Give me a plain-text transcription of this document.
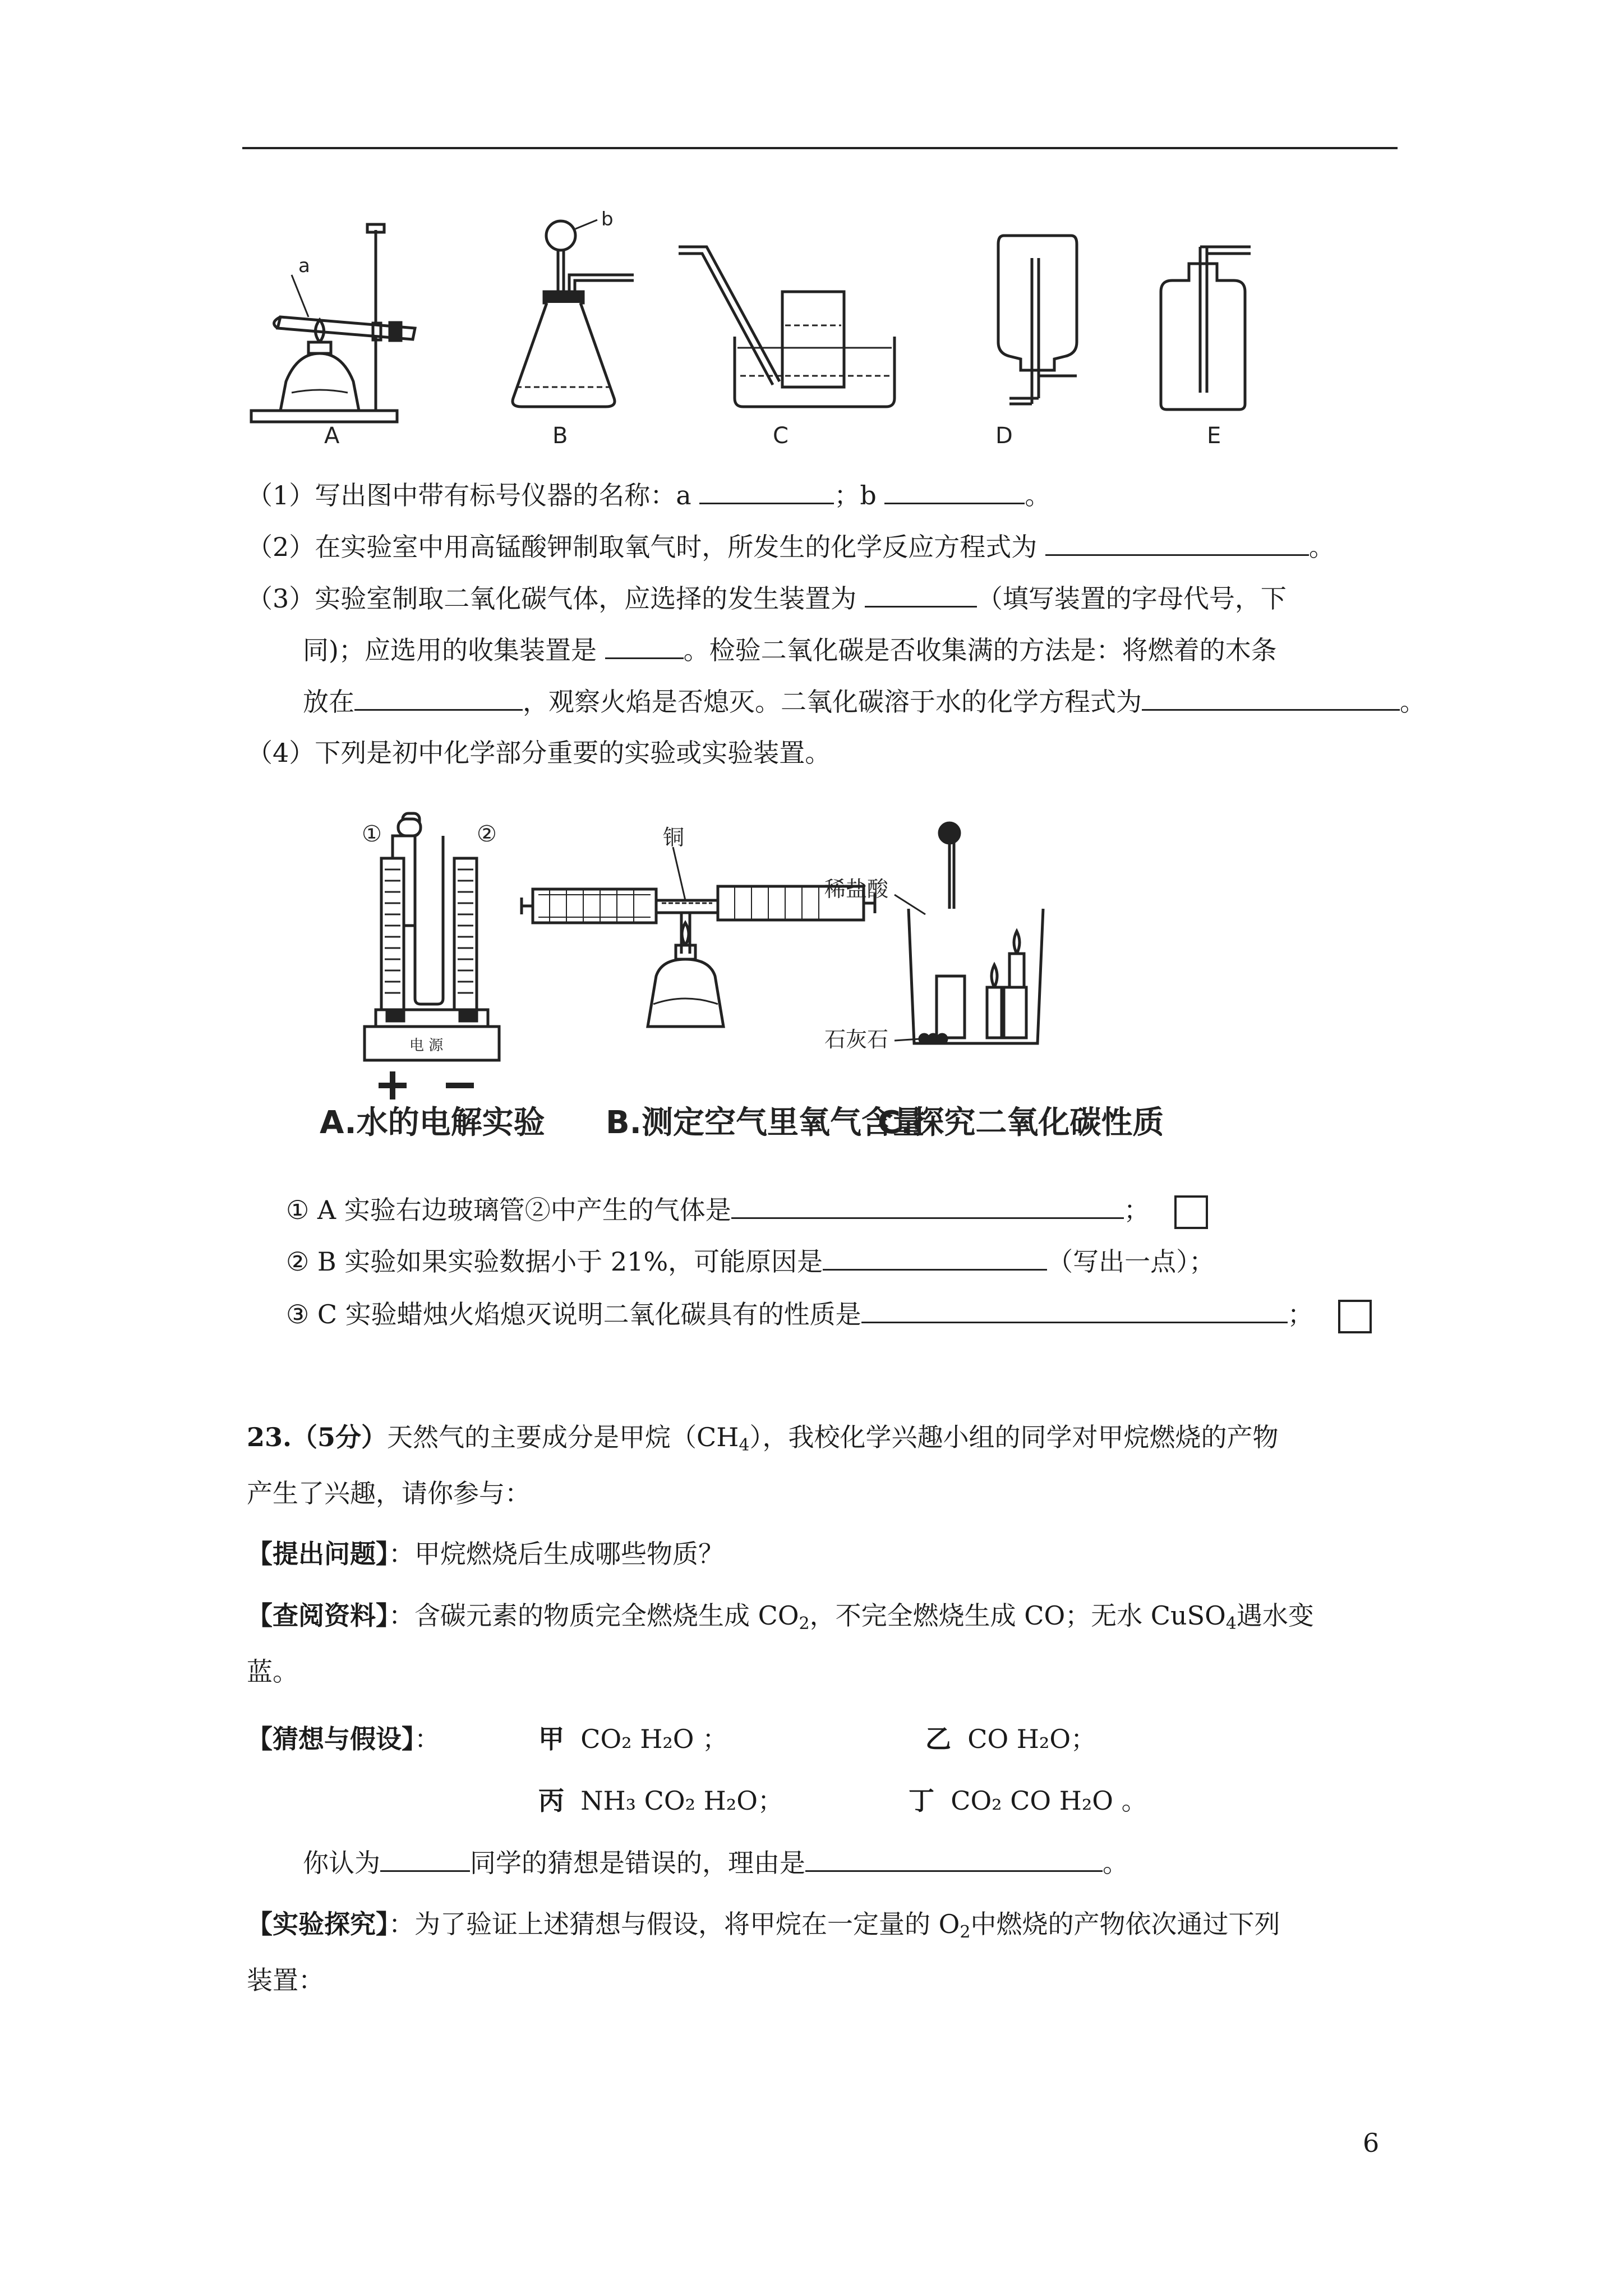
a
b
A	B	C	D	E
（1）写出图中带有标号仪器的名称：a	；b	。
（2）在实验室中用高锰酸钾制取氧气时，所发生的化学反应方程式为	。
（3）实验室制取二氧化碳气体，应选择的发生装置为	（填写装置的字母代号，下
同)；应选用的收集装置是	。检验二氧化碳是否收集满的方法是：将燃着的木条
放在	，观察火焰是否熄灭。二氧化碳溶于水的化学方程式为	。
（4）下列是初中化学部分重要的实验或实验装置。
①	②
电 源
铜
稀盐酸
石灰石
A.水的电解实验 B.测定空气里氧气含量
C.探究二氧化碳性质
① A 实验右边玻璃管②中产生的气体是	；
② B 实验如果实验数据小于 21%，可能原因是	（写出一点）；
③ C 实验蜡烛火焰熄灭说明二氧化碳具有的性质是	；
23.（5分）天然气的主要成分是甲烷$(CH_4)$，我校化学兴趣小组的同学对甲烷燃烧的产物
产生了兴趣，请你参与：
【提出问题】：甲烷燃烧后生成哪些物质？
【查阅资料】：含碳元素的物质完全燃烧生成 $CO_2$，不完全燃烧生成 CO；无水 CuSO$_4$遇水变
蓝。
【猜想与假设】：	甲 CO₂ H₂O ；	乙 CO H₂O；
丙 NH₃ CO₂ H₂O；	丁 CO₂ CO H₂O 。
你认为	同学的猜想是错误的，理由是	。
【实验探究】：为了验证上述猜想与假设，将甲烷在一定量的 $O_2$中燃烧的产物依次通过下列
装置：
6
